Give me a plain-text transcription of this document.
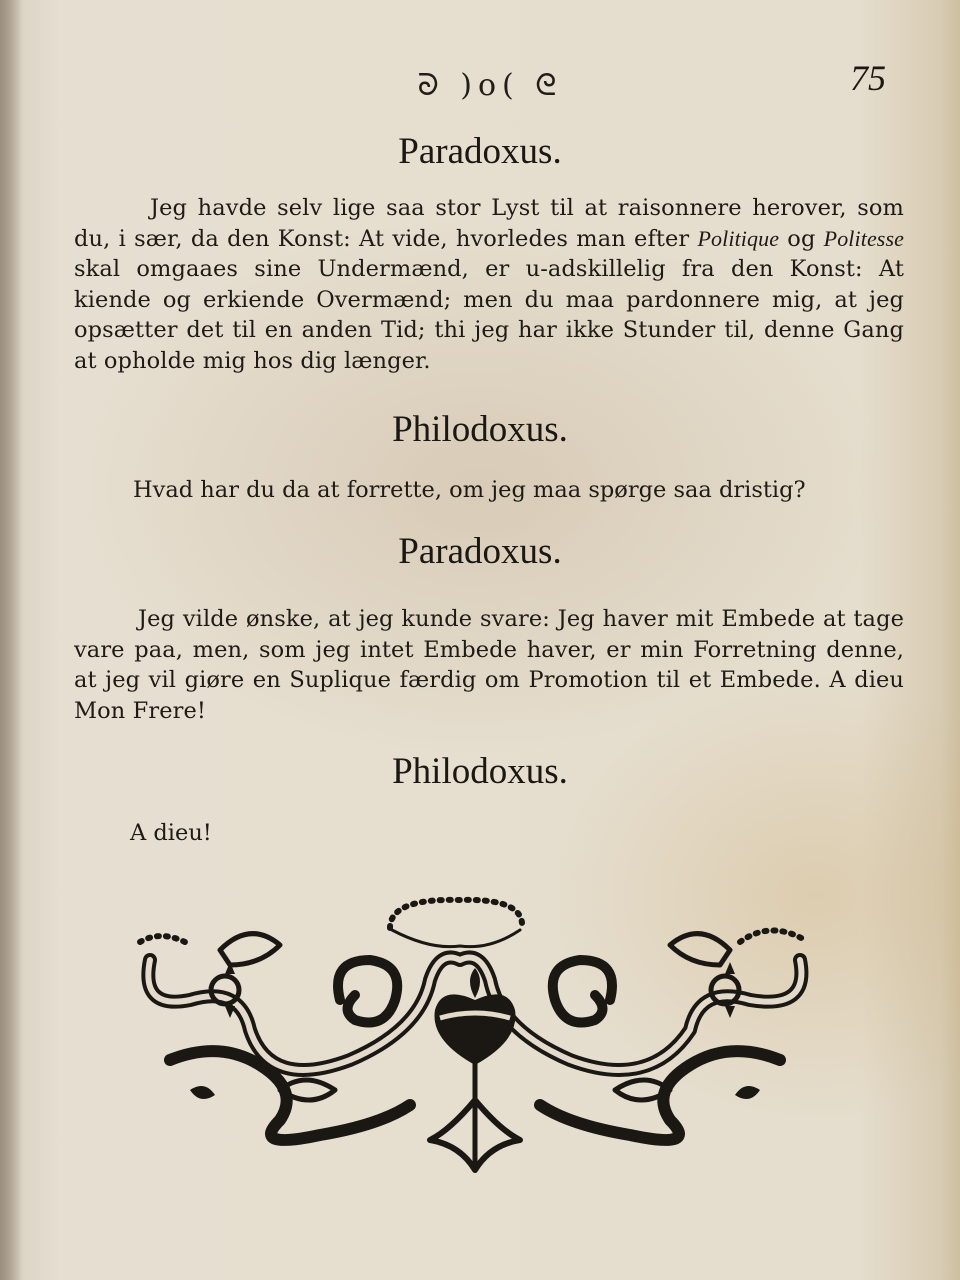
ᘐ )o( ᘓ	75
Paradoxus.
Jeg havde selv lige saa stor Lyst til at raisonnere herover, som du, i sær, da den Konst: At vide, hvorledes man efter Politique og Politesse skal omgaaes sine Undermænd, er u-adskillelig fra den Konst: At kiende og erkiende Overmænd; men du maa pardonnere mig, at jeg opsætter det til en anden Tid; thi jeg har ikke Stunder til, denne Gang at opholde mig hos dig længer.
Philodoxus.
Hvad har du da at forrette, om jeg maa spørge saa dristig?
Paradoxus.
Jeg vilde ønske, at jeg kunde svare: Jeg haver mit Embede at tage vare paa, men, som jeg intet Embede haver, er min Forretning denne, at jeg vil giøre en Suplique færdig om Promotion til et Embede. A dieu Mon Frere!
Philodoxus.
A dieu!
